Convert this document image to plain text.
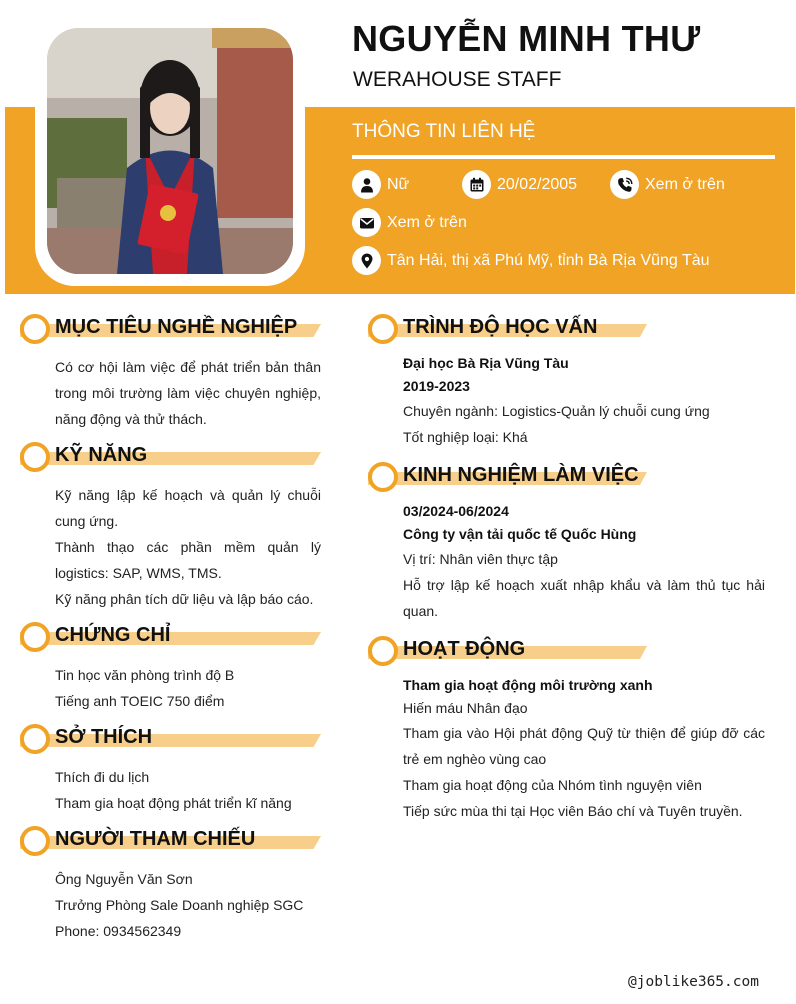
NGUYỄN MINH THƯ
WERAHOUSE STAFF
THÔNG TIN LIÊN HỆ
Nữ	20/02/2005	Xem ở trên
Xem ở trên
Tân Hải, thị xã Phú Mỹ, tỉnh Bà Rịa Vũng Tàu
MỤC TIÊU NGHỀ NGHIỆP

Có cơ hội làm việc để phát triển bản thân trong môi trường làm việc chuyên nghiệp, năng động và thử thách.

KỸ NĂNG

Kỹ năng lập kế hoạch và quản lý chuỗi cung ứng.

Thành thạo các phần mềm quản lý logistics: SAP, WMS, TMS.

Kỹ năng phân tích dữ liệu và lập báo cáo.

CHỨNG CHỈ

Tin học văn phòng trình độ B

Tiếng anh TOEIC 750 điểm

SỞ THÍCH

Thích đi du lịch

Tham gia hoạt động phát triển kĩ năng

NGƯỜI THAM CHIẾU

Ông Nguyễn Văn Sơn

Trưởng Phòng Sale Doanh nghiệp SGC

Phone: 0934562349

TRÌNH ĐỘ HỌC VẤN

Đại học Bà Rịa Vũng Tàu

2019-2023

Chuyên ngành: Logistics-Quản lý chuỗi cung ứng

Tốt nghiệp loại: Khá

KINH NGHIỆM LÀM VIỆC

03/2024-06/2024

Công ty vận tải quốc tế Quốc Hùng

Vị trí: Nhân viên thực tập

Hỗ trợ lập kế hoạch xuất nhập khẩu và làm thủ tục hải quan.

HOẠT ĐỘNG

Tham gia hoạt động môi trường xanh

Hiến máu Nhân đạo

Tham gia vào Hội phát động Quỹ từ thiện để giúp đỡ các trẻ em nghèo vùng cao

Tham gia hoạt động của Nhóm tình nguyện viên

Tiếp sức mùa thi tại Học viên Báo chí và Tuyên truyền.

@joblike365.com
